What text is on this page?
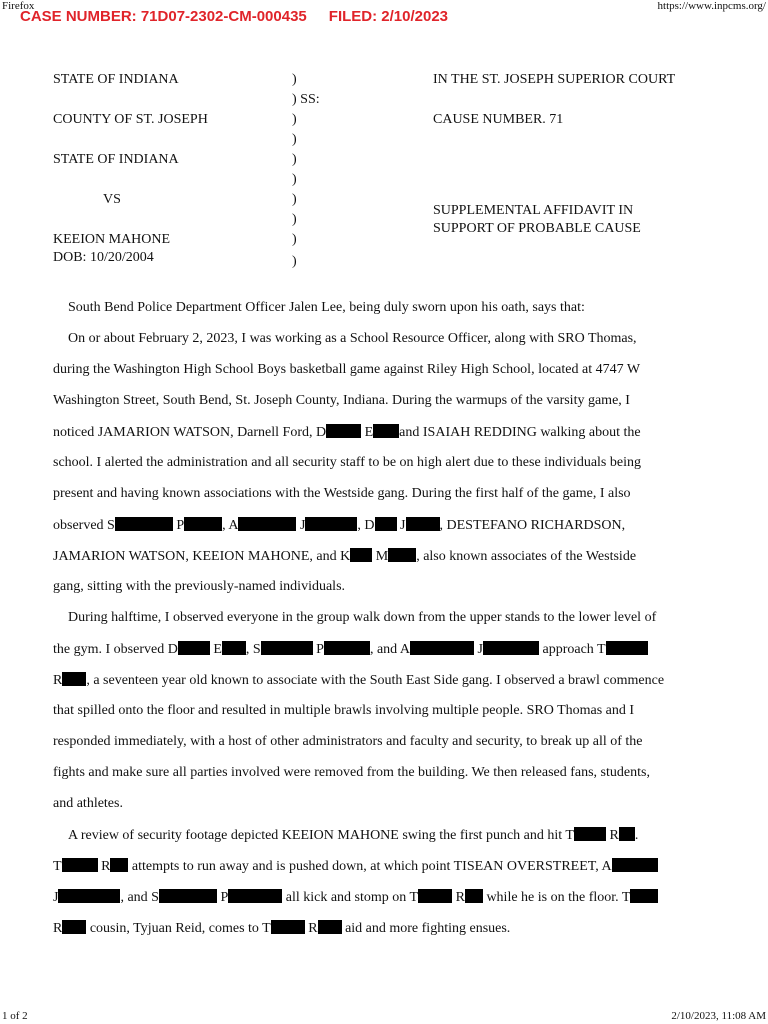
Firefox
CASE NUMBER: 71D07-2302-CM-000435 FILED: 2/10/2023
https://www.inpcms.org/
STATE OF INDIANA
COUNTY OF ST. JOSEPH
STATE OF INDIANA
VS
KEEION MAHONE
DOB: 10/20/2004
)
) SS:
)
)
)
)
)
)
)
)
IN THE ST. JOSEPH SUPERIOR COURT
CAUSE NUMBER. 71
SUPPLEMENTAL AFFIDAVIT IN
SUPPORT OF PROBABLE CAUSE
South Bend Police Department Officer Jalen Lee, being duly sworn upon his oath, says that:
On or about February 2, 2023, I was working as a School Resource Officer, along with SRO Thomas,
during the Washington High School Boys basketball game against Riley High School, located at 4747 W
Washington Street, South Bend, St. Joseph County, Indiana. During the warmups of the varsity game, I
noticed JAMARION WATSON, Darnell Ford, D	E and ISAIAH REDDING walking about the
school. I alerted the administration and all security staff to be on high alert due to these individuals being
present and having known associations with the Westside gang. During the first half of the game, I also
observed S	P	, A	J	, D J , DESTEFANO RICHARDSON,
JAMARION WATSON, KEEION MAHONE, and K M , also known associates of the Westside
gang, sitting with the previously-named individuals.
During halftime, I observed everyone in the group walk down from the upper stands to the lower level of
the gym. I observed D E , S	P	, and A	J	approach T
R , a seventeen year old known to associate with the South East Side gang. I observed a brawl commence
that spilled onto the floor and resulted in multiple brawls involving multiple people. SRO Thomas and I
responded immediately, with a host of other administrators and faculty and security, to break up all of the
fights and make sure all parties involved were removed from the building. We then released fans, students,
and athletes.
A review of security footage depicted KEEION MAHONE swing the first punch and hit T R .
T	R attempts to run away and is pushed down, at which point TISEAN OVERSTREET, A
J	, and S	P	all kick and stomp on T R while he is on the floor. T
R cousin, Tyjuan Reid, comes to T R aid and more fighting ensues.
1 of 2	2/10/2023, 11:08 AM
